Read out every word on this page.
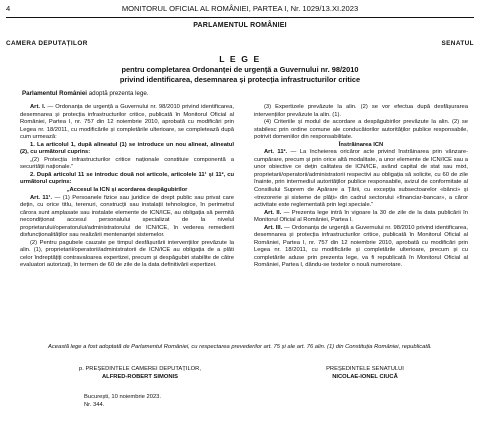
4	MONITORUL OFICIAL AL ROMÂNIEI, PARTEA I, Nr. 1029/13.XI.2023
PARLAMENTUL ROMÂNIEI
CAMERA DEPUTAȚILOR	SENATUL
L E G E
pentru completarea Ordonanței de urgență a Guvernului nr. 98/2010
privind identificarea, desemnarea și protecția infrastructurilor critice
Parlamentul României adoptă prezenta lege.

Art. I. — Ordonanța de urgență a Guvernului nr. 98/2010 privind identificarea, desemnarea și protecția infrastructurilor critice, publicată în Monitorul Oficial al României, Partea I, nr. 757 din 12 noiembrie 2010, aprobată cu modificări prin Legea nr. 18/2011, cu modificările și completările ulterioare, se completează după cum urmează:

1. La articolul 1, după alineatul (1) se introduce un nou alineat, alineatul (2), cu următorul cuprins:

„(2) Protecția infrastructurilor critice naționale constituie componentă a securității naționale.”

2. După articolul 11 se introduc două noi articole, articolele 11¹ și 11², cu următorul cuprins:

„Accesul la ICN și acordarea despăgubirilor

Art. 11¹. — (1) Persoanele fizice sau juridice de drept public sau privat care dețin, cu orice titlu, terenuri, construcții sau instalații tehnologice, în perimetrul cărora sunt amplasate sau instalate elemente de ICN/ICE, au obligația să permită necondiționat accesul personalului specializat de la nivelul proprietarului/operatorului/administratorului de ICN/ICE, în vederea remedierii disfuncționalităților sau realizării mentenanței sistemelor.

(2) Pentru pagubele cauzate pe timpul desfășurării intervențiilor prevăzute la alin. (1), proprietarii/operatorii/administratorii de ICN/ICE au obligația de a plăti celor îndreptățiți contravaloarea expertizei, precum și despăgubiri stabilite de către evaluatori autorizați, în termen de 60 de zile de la data definitivării expertizei.

(3) Expertizele prevăzute la alin. (2) se vor efectua după desfășurarea intervențiilor prevăzute la alin. (1).

(4) Criteriile și modul de acordare a despăgubirilor prevăzute la alin. (2) se stabilesc prin ordine comune ale conducătorilor autorităților publice responsabile, potrivit domeniilor din responsabilitate.

Înstrăinarea ICN

Art. 11². — La încheierea oricăror acte privind înstrăinarea prin vânzare-cumpărare, precum și prin orice altă modalitate, a unor elemente de ICN/ICE sau a unor obiective ce dețin calitatea de ICN/ICE, având capital de stat sau mixt, proprietarii/operatorii/administratorii respectivi au obligația să solicite, cu 60 de zile înainte, prin intermediul autorităților publice responsabile, avizul de conformitate al Consiliului Suprem de Apărare a Țării, cu excepția subsectoarelor «bănci» și «trezorerie și sisteme de plăți» din cadrul sectorului «financiar-bancar», a căror activitate este reglementată prin legi speciale.”

Art. II. — Prezenta lege intră în vigoare la 30 de zile de la data publicării în Monitorul Oficial al României, Partea I.

Art. III. — Ordonanța de urgență a Guvernului nr. 98/2010 privind identificarea, desemnarea și protecția infrastructurilor critice, publicată în Monitorul Oficial al României, Partea I, nr. 757 din 12 noiembrie 2010, aprobată cu modificări prin Legea nr. 18/2011, cu modificările și completările ulterioare, precum și cu completările aduse prin prezenta lege, va fi republicată în Monitorul Oficial al României, Partea I, dându-se textelor o nouă numerotare.

Această lege a fost adoptată de Parlamentul României, cu respectarea prevederilor art. 75 și ale art. 76 alin. (1) din Constituția României, republicată.
p. PREȘEDINTELE CAMEREI DEPUTAȚILOR,
ALFRED-ROBERT SIMONIS
PREȘEDINTELE SENATULUI
NICOLAE-IONEL CIUCĂ
București, 10 noiembrie 2023.
Nr. 344.
